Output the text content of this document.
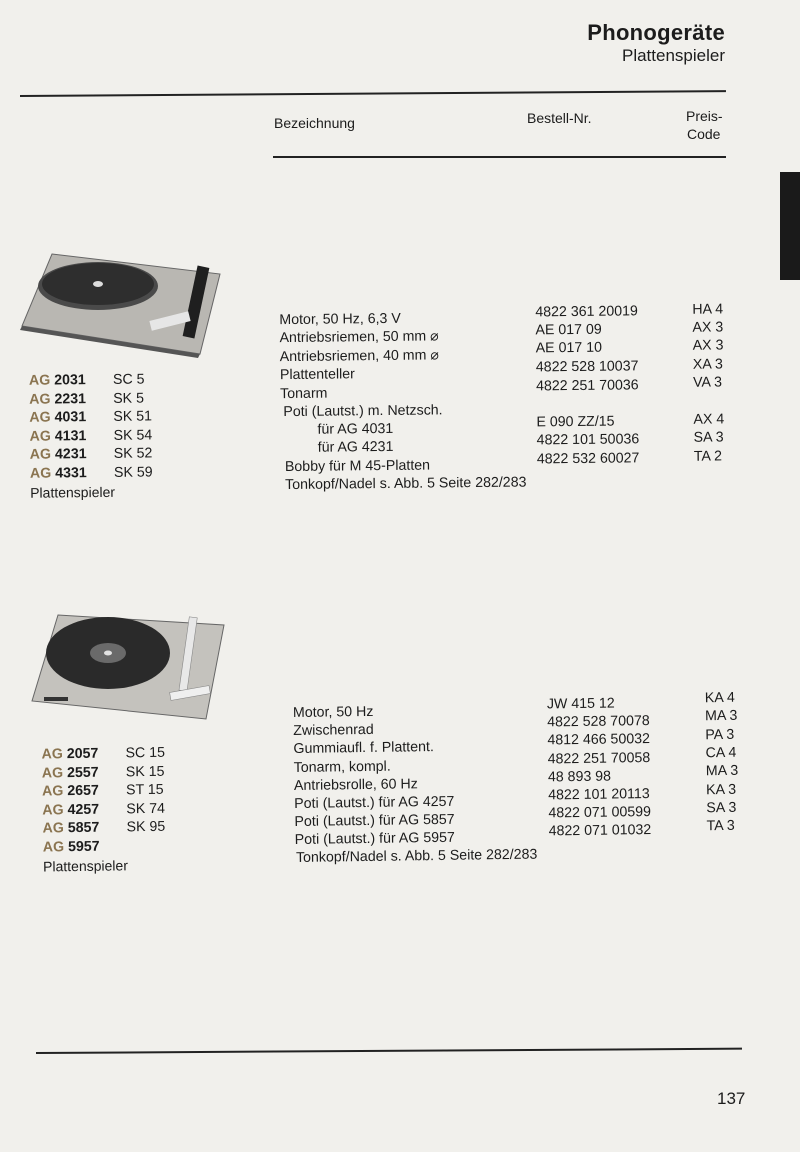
Phonogeräte
Plattenspieler
Bezeichnung	Bestell-Nr.	Preis-
Code
AG 2031 SC 5
AG 2231 SK 5
AG 4031 SK 51
AG 4131 SK 54
AG 4231 SK 52
AG 4331 SK 59
Plattenspieler
Motor, 50 Hz, 6,3 V	4822 361 20019	HA 4
Antriebsriemen, 50 mm ⌀	AE 017 09	AX 3
Antriebsriemen, 40 mm ⌀	AE 017 10	AX 3
Plattenteller	4822 528 10037	XA 3
Tonarm	4822 251 70036	VA 3
Poti (Lautst.) m. Netzsch.
für AG 4031	E 090 ZZ/15	AX 4
für AG 4231	4822 101 50036	SA 3
Bobby für M 45-Platten	4822 532 60027	TA 2
Tonkopf/Nadel s. Abb. 5 Seite 282/283
AG 2057 SC 15
AG 2557 SK 15
AG 2657 ST 15
AG 4257 SK 74
AG 5857 SK 95
AG 5957
Plattenspieler
Motor, 50 Hz	JW 415 12	KA 4
Zwischenrad	4822 528 70078	MA 3
Gummiaufl. f. Plattent.	4812 466 50032	PA 3
Tonarm, kompl.	4822 251 70058	CA 4
Antriebsrolle, 60 Hz	48 893 98	MA 3
Poti (Lautst.) für AG 4257	4822 101 20113	KA 3
Poti (Lautst.) für AG 5857	4822 071 00599	SA 3
Poti (Lautst.) für AG 5957	4822 071 01032	TA 3
Tonkopf/Nadel s. Abb. 5 Seite 282/283
137
